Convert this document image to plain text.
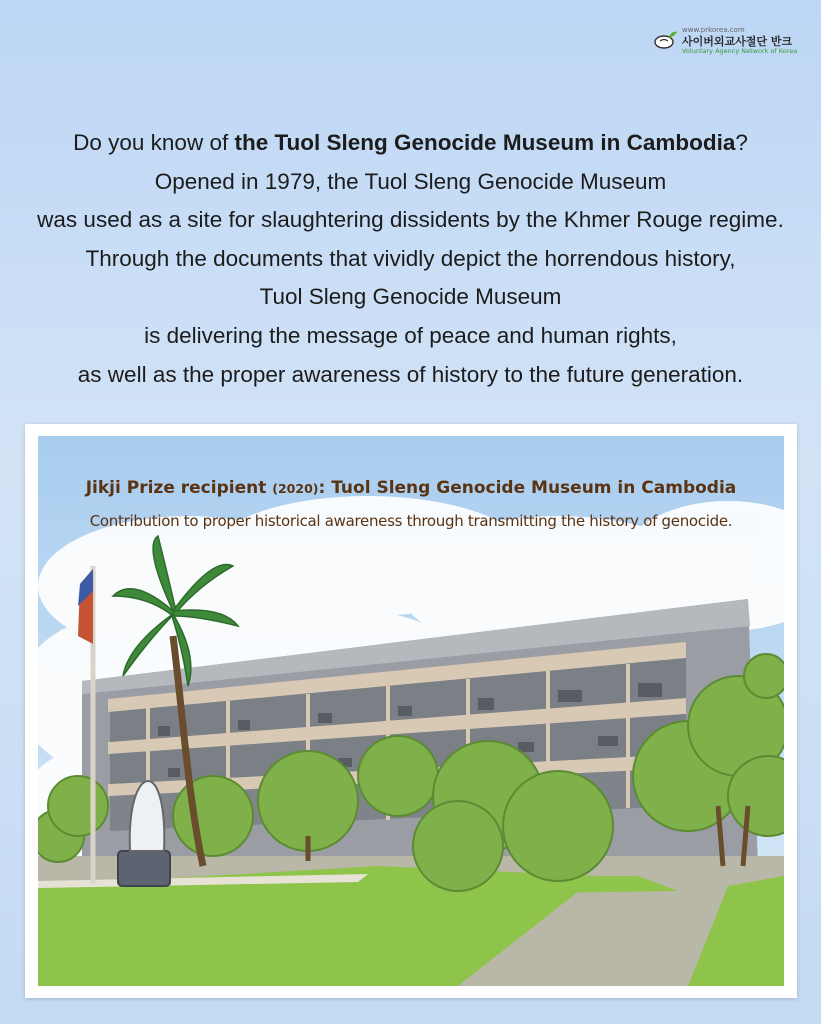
www.prkorea.com
사이버외교사절단 반크
Voluntary Agency Network of Korea

Do you know of the Tuol Sleng Genocide Museum in Cambodia?

Opened in 1979, the Tuol Sleng Genocide Museum

was used as a site for slaughtering dissidents by the Khmer Rouge regime.

Through the documents that vividly depict the horrendous history,

Tuol Sleng Genocide Museum

is delivering the message of peace and human rights,

as well as the proper awareness of history to the future generation.

Jikji Prize recipient (2020): Tuol Sleng Genocide Museum in Cambodia
Contribution to proper historical awareness through transmitting the history of genocide.
